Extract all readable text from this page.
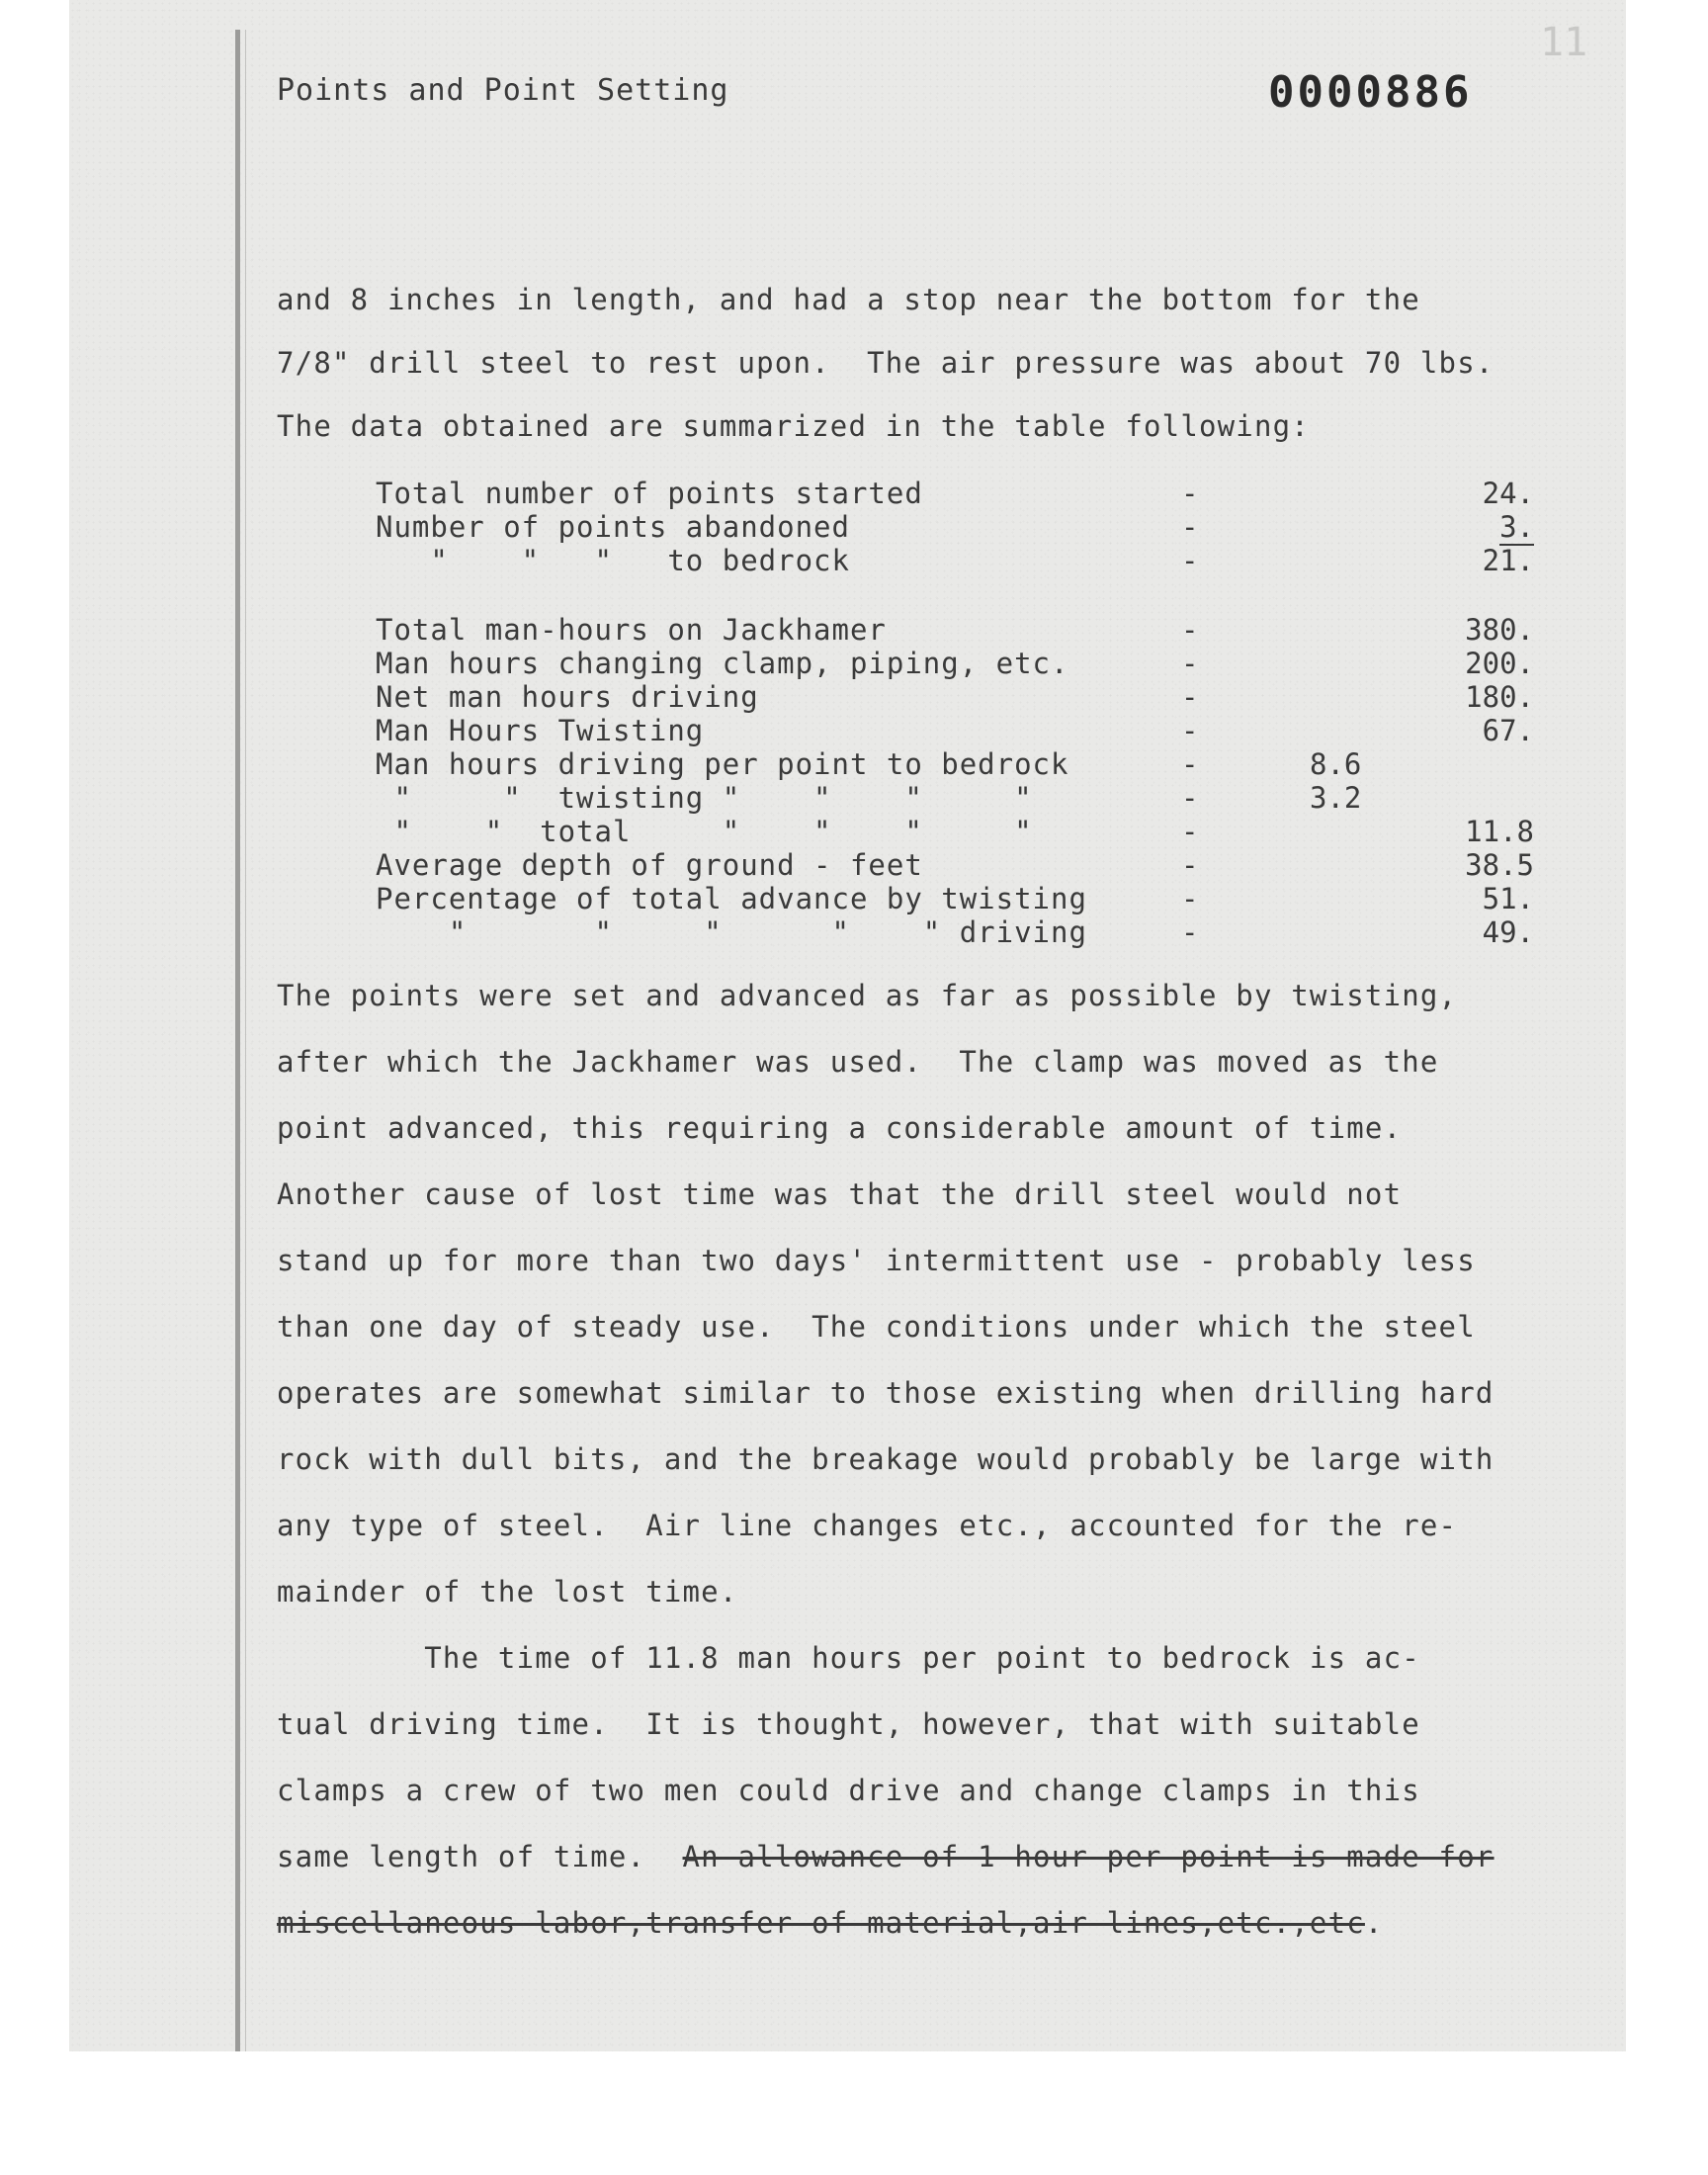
Points and Point Setting	0000886
11
and 8 inches in length, and had a stop near the bottom for the
7/8" drill steel to rest upon.  The air pressure was about 70 lbs.
The data obtained are summarized in the table following:
Total number of points started	-	24.
Number of points abandoned	-	3.
"    "   "   to bedrock	-	21.
Total man-hours on Jackhamer	-	380.
Man hours changing clamp, piping, etc.	-	200.
Net man hours driving	-	180.
Man Hours Twisting	-	67.
Man hours driving per point to bedrock	-	8.6
"     "  twisting "    "    "     "	-	3.2
"    "  total     "    "    "     "	-	11.8
Average depth of ground - feet	-	38.5
Percentage of total advance by twisting	-	51.
"       "     "      "    " driving	-	49.
The points were set and advanced as far as possible by twisting,
after which the Jackhamer was used.  The clamp was moved as the
point advanced, this requiring a considerable amount of time.
Another cause of lost time was that the drill steel would not
stand up for more than two days' intermittent use - probably less
than one day of steady use.  The conditions under which the steel
operates are somewhat similar to those existing when drilling hard
rock with dull bits, and the breakage would probably be large with
any type of steel.  Air line changes etc., accounted for the re-
mainder of the lost time.
The time of 11.8 man hours per point to bedrock is ac-
tual driving time.  It is thought, however, that with suitable
clamps a crew of two men could drive and change clamps in this
same length of time.  An allowance of 1 hour per point is made for
miscellaneous labor,transfer of material,air lines,etc.,etc.
